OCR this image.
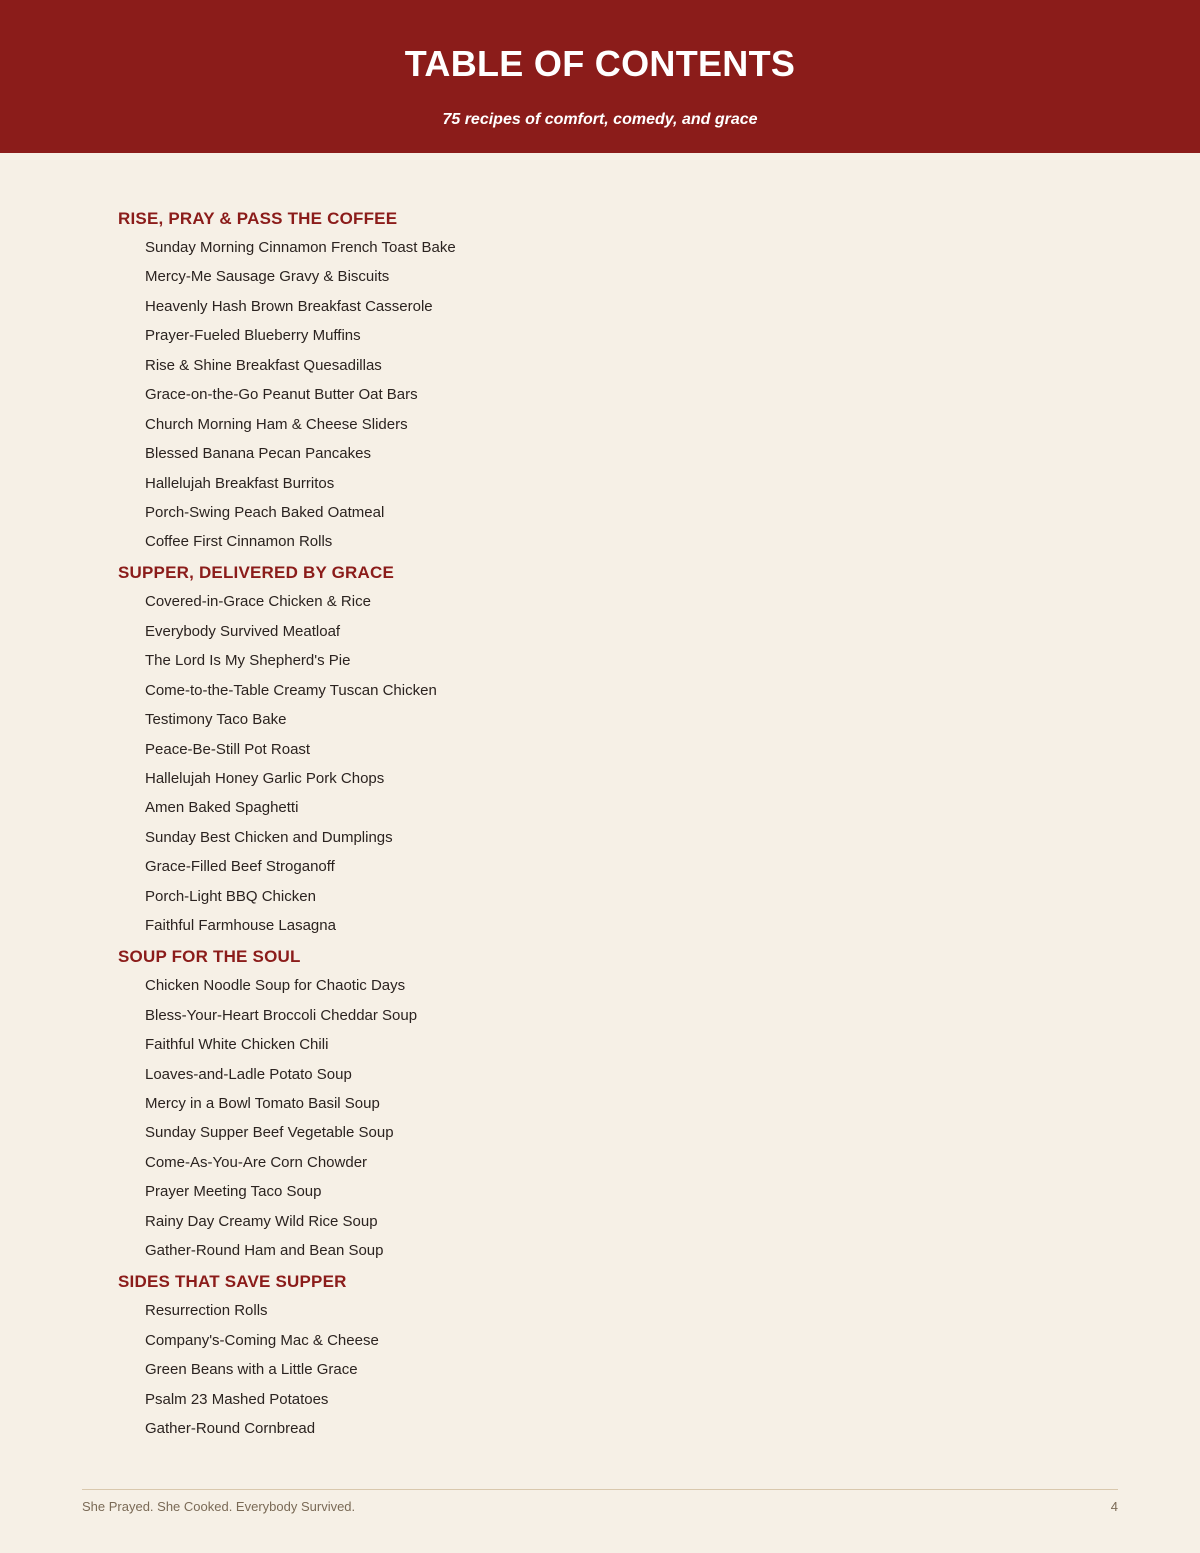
TABLE OF CONTENTS

75 recipes of comfort, comedy, and grace

RISE, PRAY & PASS THE COFFEE
Sunday Morning Cinnamon French Toast Bake
Mercy-Me Sausage Gravy & Biscuits
Heavenly Hash Brown Breakfast Casserole
Prayer-Fueled Blueberry Muffins
Rise & Shine Breakfast Quesadillas
Grace-on-the-Go Peanut Butter Oat Bars
Church Morning Ham & Cheese Sliders
Blessed Banana Pecan Pancakes
Hallelujah Breakfast Burritos
Porch-Swing Peach Baked Oatmeal
Coffee First Cinnamon Rolls
SUPPER, DELIVERED BY GRACE
Covered-in-Grace Chicken & Rice
Everybody Survived Meatloaf
The Lord Is My Shepherd's Pie
Come-to-the-Table Creamy Tuscan Chicken
Testimony Taco Bake
Peace-Be-Still Pot Roast
Hallelujah Honey Garlic Pork Chops
Amen Baked Spaghetti
Sunday Best Chicken and Dumplings
Grace-Filled Beef Stroganoff
Porch-Light BBQ Chicken
Faithful Farmhouse Lasagna
SOUP FOR THE SOUL
Chicken Noodle Soup for Chaotic Days
Bless-Your-Heart Broccoli Cheddar Soup
Faithful White Chicken Chili
Loaves-and-Ladle Potato Soup
Mercy in a Bowl Tomato Basil Soup
Sunday Supper Beef Vegetable Soup
Come-As-You-Are Corn Chowder
Prayer Meeting Taco Soup
Rainy Day Creamy Wild Rice Soup
Gather-Round Ham and Bean Soup
SIDES THAT SAVE SUPPER
Resurrection Rolls
Company's-Coming Mac & Cheese
Green Beans with a Little Grace
Psalm 23 Mashed Potatoes
Gather-Round Cornbread
She Prayed. She Cooked. Everybody Survived.	4
